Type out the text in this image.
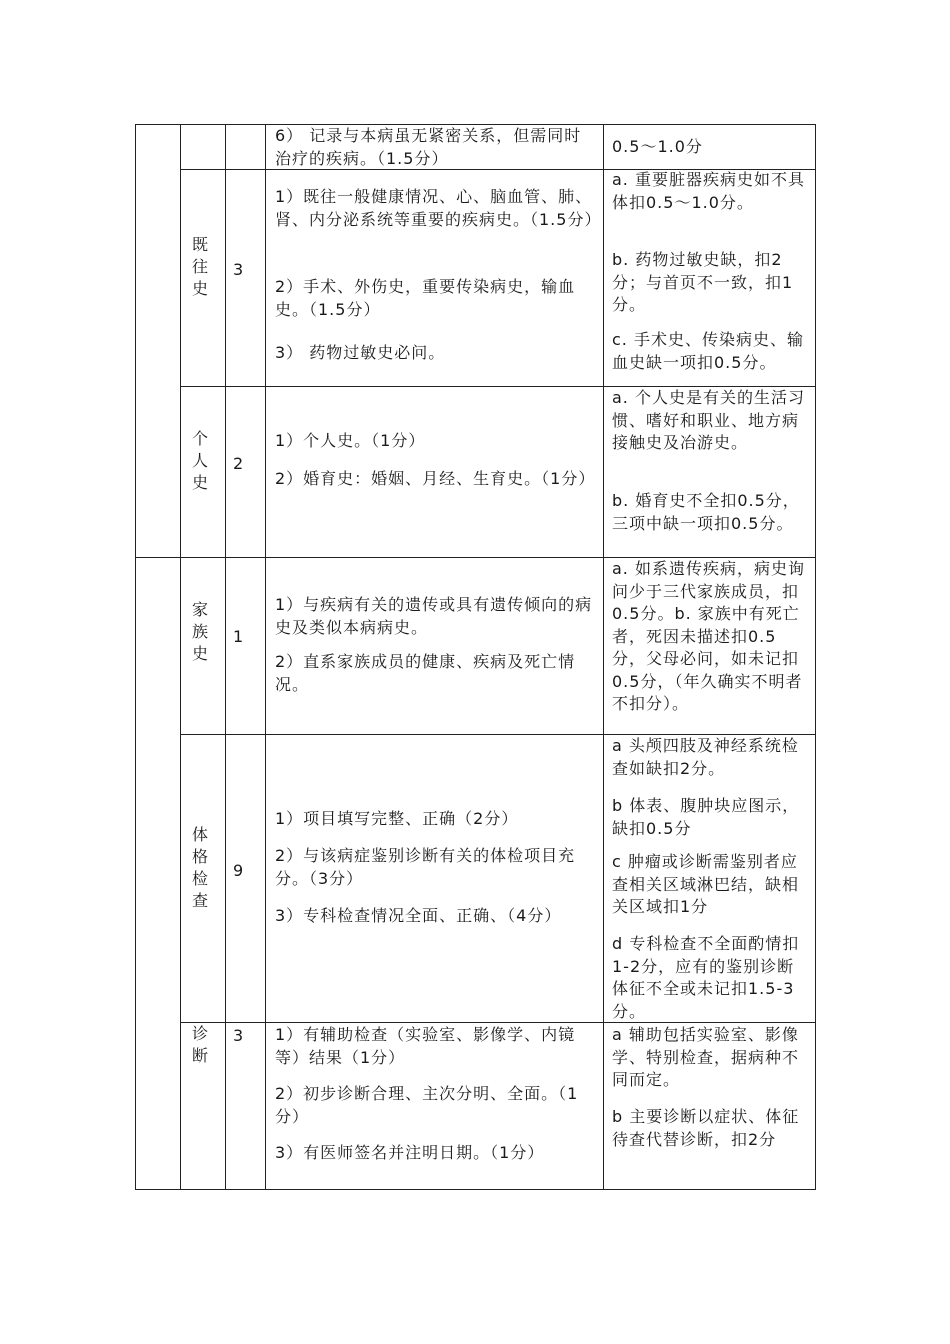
6） 记录与本病虽无紧密关系，但需同时治疗的疾病。（1.5分）

0.5～1.0分

既往史 3

1）既往一般健康情况、心、脑血管、肺、肾、内分泌系统等重要的疾病史。（1.5分）

2）手术、外伤史，重要传染病史，输血史。（1.5分）

3） 药物过敏史必问。

a. 重要脏器疾病史如不具体扣0.5～1.0分。

b. 药物过敏史缺，扣2分；与首页不一致，扣1分。

c. 手术史、传染病史、输血史缺一项扣0.5分。

个人史 2

1）个人史。（1分）

2）婚育史：婚姻、月经、生育史。（1分）

a. 个人史是有关的生活习惯、嗜好和职业、地方病接触史及冶游史。

b. 婚育史不全扣0.5分，三项中缺一项扣0.5分。

家族史 1

1）与疾病有关的遗传或具有遗传倾向的病史及类似本病病史。

2）直系家族成员的健康、疾病及死亡情况。

a. 如系遗传疾病，病史询问少于三代家族成员，扣0.5分。b. 家族中有死亡者，死因未描述扣0.5分，父母必问，如未记扣0.5分，（年久确实不明者不扣分）。

体格检查 9

1）项目填写完整、正确（2分）

2）与该病症鉴别诊断有关的体检项目充分。（3分）

3）专科检查情况全面、正确、（4分）

a 头颅四肢及神经系统检查如缺扣2分。

b 体表、腹肿块应图示，缺扣0.5分

c 肿瘤或诊断需鉴别者应查相关区域淋巴结，缺相关区域扣1分

d 专科检查不全面酌情扣1-2分，应有的鉴别诊断体征不全或未记扣1.5-3分。

诊断 3 1）有辅助检查（实验室、影像学、内镜等）结果（1分）

2）初步诊断合理、主次分明、全面。（1分）

3）有医师签名并注明日期。（1分）

a 辅助包括实验室、影像学、特别检查，据病种不同而定。

b 主要诊断以症状、体征待查代替诊断，扣2分
